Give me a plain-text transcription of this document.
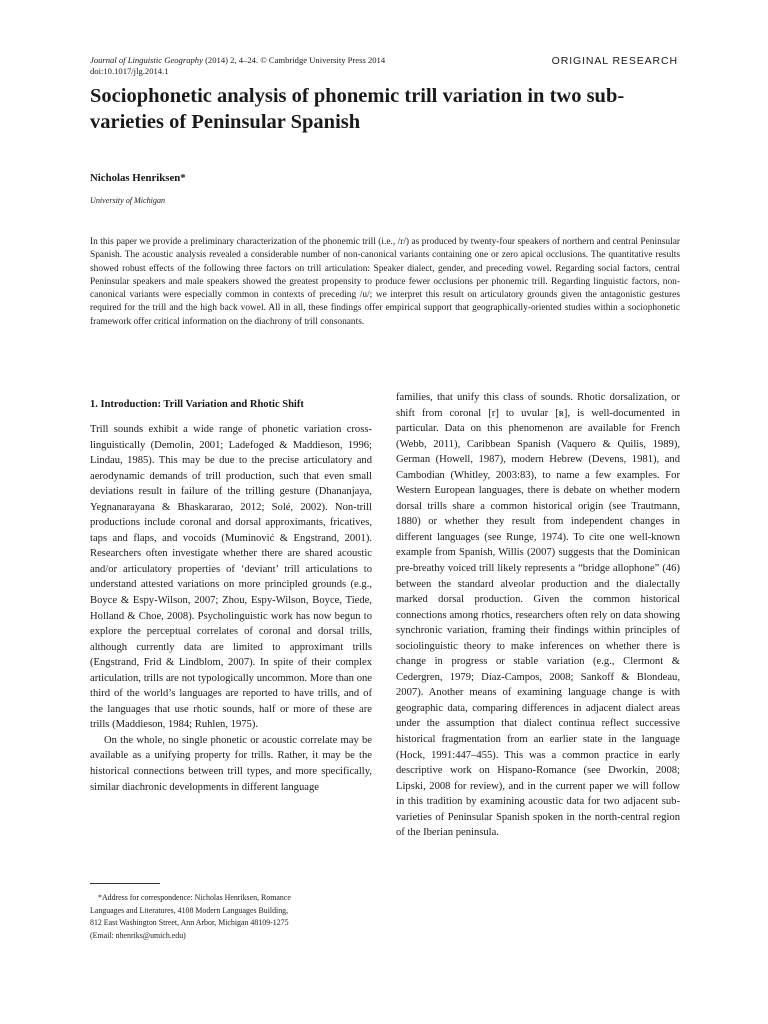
Journal of Linguistic Geography (2014) 2, 4–24. © Cambridge University Press 2014
doi:10.1017/jlg.2014.1
ORIGINAL RESEARCH
Sociophonetic analysis of phonemic trill variation in two sub-varieties of Peninsular Spanish
Nicholas Henriksen*
University of Michigan

In this paper we provide a preliminary characterization of the phonemic trill (i.e., /r/) as produced by twenty-four speakers of northern and central Peninsular Spanish. The acoustic analysis revealed a considerable number of non-canonical variants containing one or zero apical occlusions. The quantitative results showed robust effects of the following three factors on trill articulation: Speaker dialect, gender, and preceding vowel. Regarding social factors, central Peninsular speakers and male speakers showed the greatest propensity to produce fewer occlusions per phonemic trill. Regarding linguistic factors, non-canonical variants were especially common in contexts of preceding /u/; we interpret this result on articulatory grounds given the antagonistic gestures required for the trill and the high back vowel. All in all, these findings offer empirical support that geographically-oriented studies within a sociophonetic framework offer critical information on the diachrony of trill consonants.

1. Introduction: Trill Variation and Rhotic Shift

Trill sounds exhibit a wide range of phonetic variation cross-linguistically (Demolin, 2001; Ladefoged & Maddieson, 1996; Lindau, 1985). This may be due to the precise articulatory and aerodynamic demands of trill production, such that even small deviations result in failure of the trilling gesture (Dhananjaya, Yegnanarayana & Bhaskararao, 2012; Solé, 2002). Non-trill productions include coronal and dorsal approximants, fricatives, taps and flaps, and vocoids (Muminović & Engstrand, 2001). Researchers often investigate whether there are shared acoustic and/or articulatory properties of ‘deviant’ trill articulations to understand attested variations on more principled grounds (e.g., Boyce & Espy-Wilson, 2007; Zhou, Espy-Wilson, Boyce, Tiede, Holland & Choe, 2008). Psycholinguistic work has now begun to explore the perceptual correlates of coronal and dorsal trills, although currently data are limited to approximant trills (Engstrand, Frid & Lindblom, 2007). In spite of their complex articulation, trills are not typologically uncommon. More than one third of the world’s languages are reported to have trills, and of the languages that use rhotic sounds, half or more of these are trills (Maddieson, 1984; Ruhlen, 1975).

On the whole, no single phonetic or acoustic correlate may be available as a unifying property for trills. Rather, it may be the historical connections between trill types, and more specifically, similar diachronic developments in different language

families, that unify this class of sounds. Rhotic dorsalization, or shift from coronal [r] to uvular [ʀ], is well-documented in particular. Data on this phenomenon are available for French (Webb, 2011), Caribbean Spanish (Vaquero & Quilis, 1989), German (Howell, 1987), modern Hebrew (Devens, 1981), and Cambodian (Whitley, 2003:83), to name a few examples. For Western European languages, there is debate on whether modern dorsal trills share a common historical origin (see Trautmann, 1880) or whether they result from independent changes in different languages (see Runge, 1974). To cite one well-known example from Spanish, Willis (2007) suggests that the Dominican pre-breathy voiced trill likely represents a “bridge allophone” (46) between the standard alveolar production and the dialectally marked dorsal production. Given the common historical connections among rhotics, researchers often rely on data showing synchronic variation, framing their findings within principles of sociolinguistic theory to make inferences on whether there is change in progress or stable variation (e.g., Clermont & Cedergren, 1979; Díaz-Campos, 2008; Sankoff & Blondeau, 2007). Another means of examining language change is with geographic data, comparing differences in adjacent dialect areas under the assumption that dialect continua reflect successive historical fragmentation from an earlier state in the language (Hock, 1991:447–455). This was a common practice in early descriptive work on Hispano-Romance (see Dworkin, 2008; Lipski, 2008 for review), and in the current paper we will follow in this tradition by examining acoustic data for two adjacent sub-varieties of Peninsular Spanish spoken in the north-central region of the Iberian peninsula.

*Address for correspondence: Nicholas Henriksen, Romance
Languages and Literatures, 4108 Modern Languages Building,
812 East Washington Street, Ann Arbor, Michigan 48109-1275
(Email: nhenriks@umich.edu)
